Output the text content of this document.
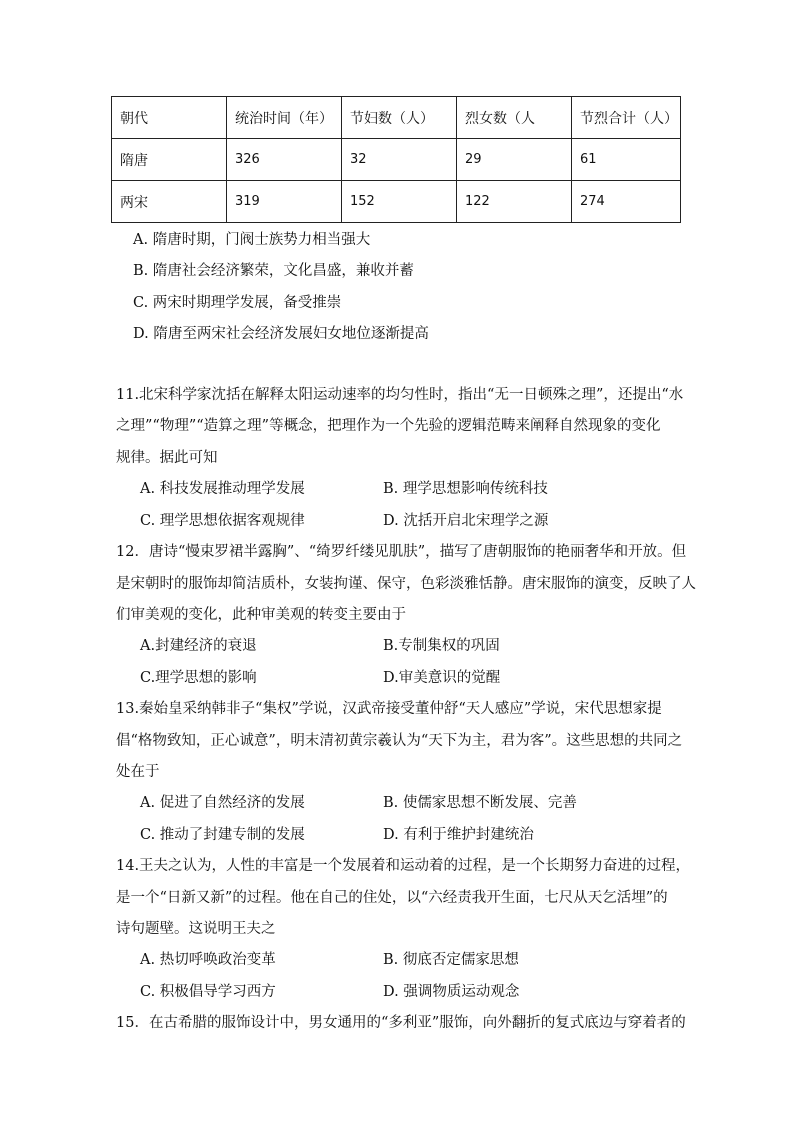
朝代	统治时间（年）	节妇数（人）	烈女数（人	节烈合计（人）
隋唐	326	32	29	61
两宋	319	152	122	274
A. 隋唐时期，门阀士族势力相当强大
B. 隋唐社会经济繁荣，文化昌盛，兼收并蓄
C. 两宋时期理学发展，备受推崇
D. 隋唐至两宋社会经济发展妇女地位逐渐提高
11.北宋科学家沈括在解释太阳运动速率的均匀性时，指出“无一日顿殊之理”，还提出“水
之理”“物理”“造算之理”等概念，把理作为一个先验的逻辑范畴来阐释自然现象的变化
规律。据此可知
A. 科技发展推动理学发展	B. 理学思想影响传统科技
C. 理学思想依据客观规律	D. 沈括开启北宋理学之源
12．唐诗“慢束罗裙半露胸”、“绮罗纤缕见肌肤”，描写了唐朝服饰的艳丽奢华和开放。但
是宋朝时的服饰却简洁质朴，女装拘谨、保守，色彩淡雅恬静。唐宋服饰的演变，反映了人
们审美观的变化，此种审美观的转变主要由于
A.封建经济的衰退	B.专制集权的巩固
C.理学思想的影响	D.审美意识的觉醒
13.秦始皇采纳韩非子“集权”学说，汉武帝接受董仲舒“天人感应”学说，宋代思想家提
倡“格物致知，正心诚意”，明末清初黄宗羲认为“天下为主，君为客”。这些思想的共同之
处在于
A. 促进了自然经济的发展	B. 使儒家思想不断发展、完善
C. 推动了封建专制的发展	D. 有利于维护封建统治
14.王夫之认为，人性的丰富是一个发展着和运动着的过程，是一个长期努力奋进的过程，
是一个“日新又新”的过程。他在自己的住处，以“六经责我开生面，七尺从天乞活埋”的
诗句题壁。这说明王夫之
A. 热切呼唤政治变革	B. 彻底否定儒家思想
C. 积极倡导学习西方	D. 强调物质运动观念
15．在古希腊的服饰设计中，男女通用的“多利亚”服饰，向外翻折的复式底边与穿着者的
